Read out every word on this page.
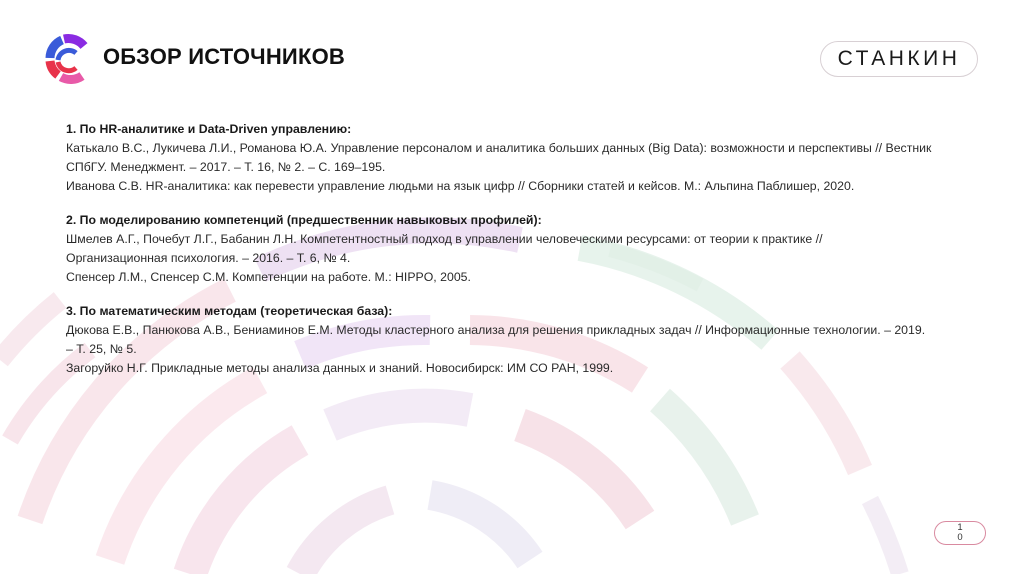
ОБЗОР ИСТОЧНИКОВ	СТАНКИН
1. По HR-аналитике и Data-Driven управлению:

Катькало В.С., Лукичева Л.И., Романова Ю.А. Управление персоналом и аналитика больших данных (Big Data): возможности и перспективы // Вестник

СПбГУ. Менеджмент. – 2017. – Т. 16, № 2. – С. 169–195.

Иванова С.В. HR-аналитика: как перевести управление людьми на язык цифр // Сборники статей и кейсов. М.: Альпина Паблишер, 2020.

2. По моделированию компетенций (предшественник навыковых профилей):

Шмелев А.Г., Почебут Л.Г., Бабанин Л.Н. Компетентностный подход в управлении человеческими ресурсами: от теории к практике //

Организационная психология. – 2016. – Т. 6, № 4.

Спенсер Л.М., Спенсер С.М. Компетенции на работе. М.: HIPPO, 2005.

3. По математическим методам (теоретическая база):

Дюкова Е.В., Панюкова А.В., Бениаминов Е.М. Методы кластерного анализа для решения прикладных задач // Информационные технологии. – 2019.

– Т. 25, № 5.

Загоруйко Н.Г. Прикладные методы анализа данных и знаний. Новосибирск: ИМ СО РАН, 1999.

1
0
